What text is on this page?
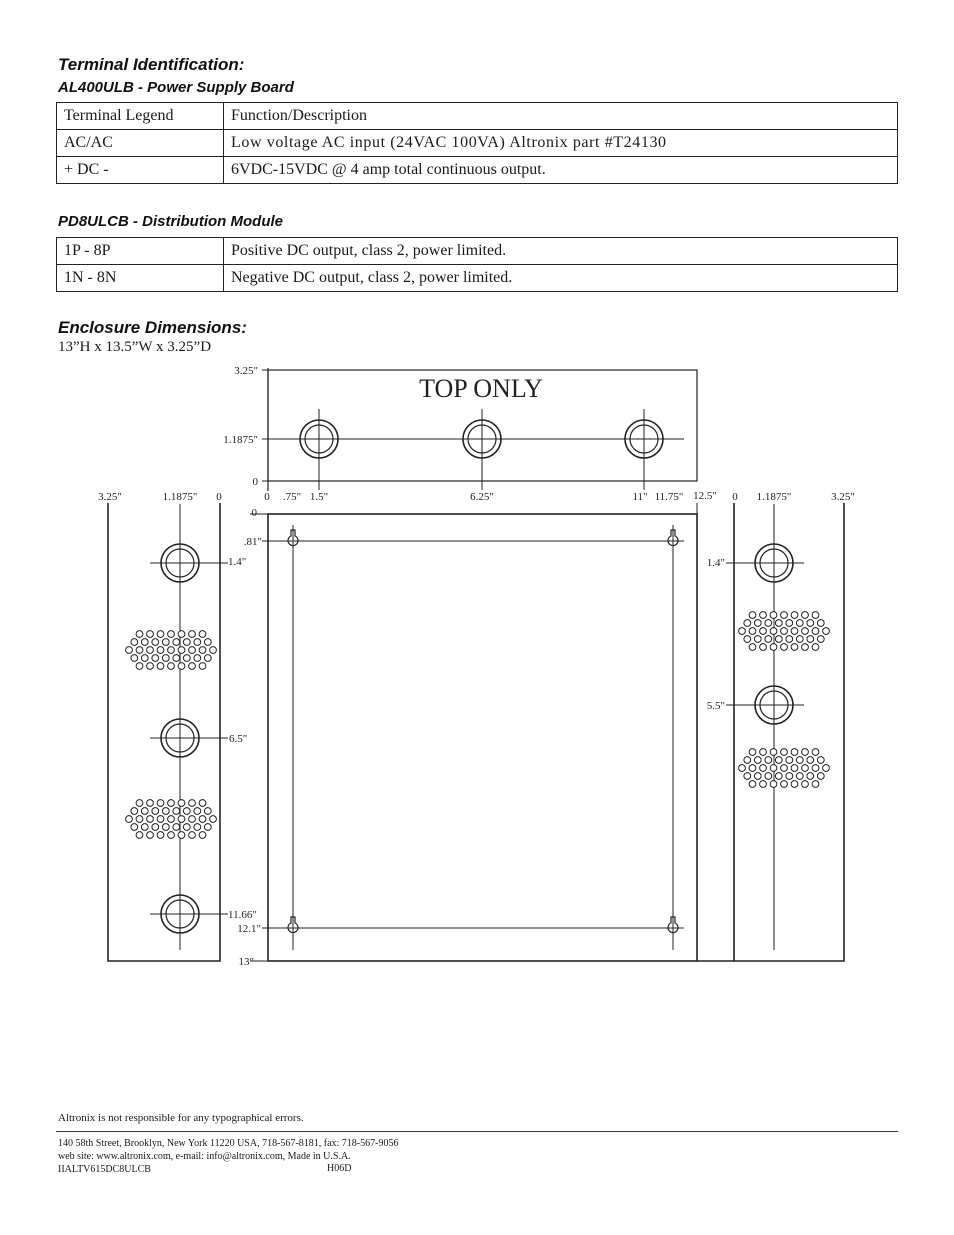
Terminal Identification:
AL400ULB - Power Supply Board
Terminal Legend	Function/Description
AC/AC	Low voltage AC input (24VAC 100VA) Altronix part #T24130
+ DC -	6VDC-15VDC @ 4 amp total continuous output.
PD8ULCB - Distribution Module
1P - 8P	Positive DC output, class 2, power limited.
1N - 8N	Negative DC output, class 2, power limited.
Enclosure Dimensions:

13”H x 13.5”W x 3.25”D

TOP ONLY
3.25"
1.1875"
0
3.25"	1.1875" 0	0 .75" 1.5"	6.25"	11" 11.75" 12.5"
0
.81"
1.4"
6.5"
11.66"
12.1"
13"
0 1.1875"	3.25"
1.4"
5.5"

Altronix is not responsible for any typographical errors.

140 58th Street, Brooklyn, New York 11220 USA, 718-567-8181, fax: 718-567-9056
web site: www.altronix.com, e-mail: info@altronix.com, Made in U.S.A.
IIALTV615DC8ULCB	H06D
